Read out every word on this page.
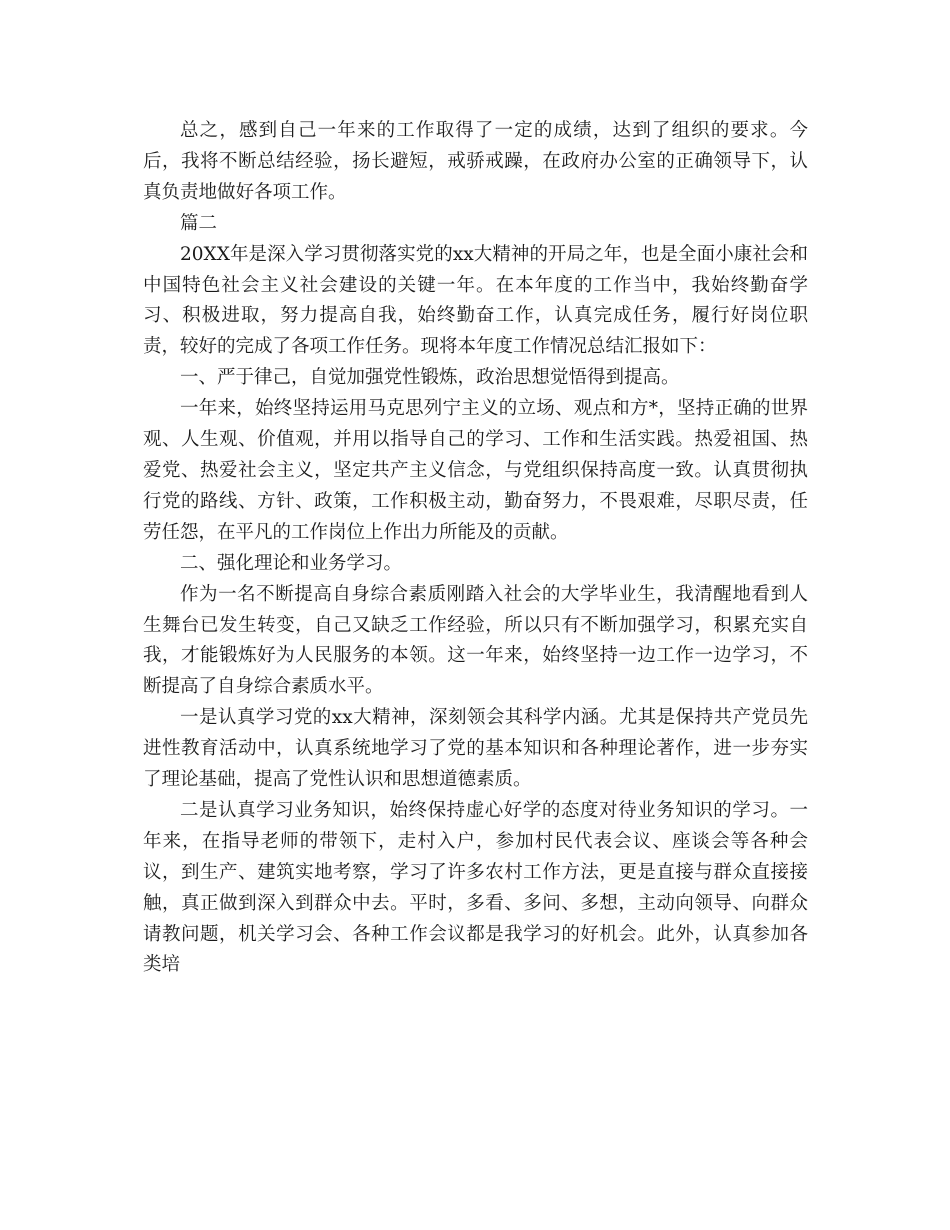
总之，感到自己一年来的工作取得了一定的成绩，达到了组织的要求。今后，我将不断总结经验，扬长避短，戒骄戒躁，在政府办公室的正确领导下，认真负责地做好各项工作。

篇二

20XX年是深入学习贯彻落实党的xx大精神的开局之年，也是全面小康社会和中国特色社会主义社会建设的关键一年。在本年度的工作当中，我始终勤奋学习、积极进取，努力提高自我，始终勤奋工作，认真完成任务，履行好岗位职责，较好的完成了各项工作任务。现将本年度工作情况总结汇报如下：

一、严于律己，自觉加强党性锻炼，政治思想觉悟得到提高。

一年来，始终坚持运用马克思列宁主义的立场、观点和方*，坚持正确的世界观、人生观、价值观，并用以指导自己的学习、工作和生活实践。热爱祖国、热爱党、热爱社会主义，坚定共产主义信念，与党组织保持高度一致。认真贯彻执行党的路线、方针、政策，工作积极主动，勤奋努力，不畏艰难，尽职尽责，任劳任怨，在平凡的工作岗位上作出力所能及的贡献。

二、强化理论和业务学习。

作为一名不断提高自身综合素质刚踏入社会的大学毕业生，我清醒地看到人生舞台已发生转变，自己又缺乏工作经验，所以只有不断加强学习，积累充实自我，才能锻炼好为人民服务的本领。这一年来，始终坚持一边工作一边学习，不断提高了自身综合素质水平。

一是认真学习党的xx大精神，深刻领会其科学内涵。尤其是保持共产党员先进性教育活动中，认真系统地学习了党的基本知识和各种理论著作，进一步夯实了理论基础，提高了党性认识和思想道德素质。

二是认真学习业务知识，始终保持虚心好学的态度对待业务知识的学习。一年来，在指导老师的带领下，走村入户，参加村民代表会议、座谈会等各种会议，到生产、建筑实地考察，学习了许多农村工作方法，更是直接与群众直接接触，真正做到深入到群众中去。平时，多看、多问、多想，主动向领导、向群众请教问题，机关学习会、各种工作会议都是我学习的好机会。此外，认真参加各类培
